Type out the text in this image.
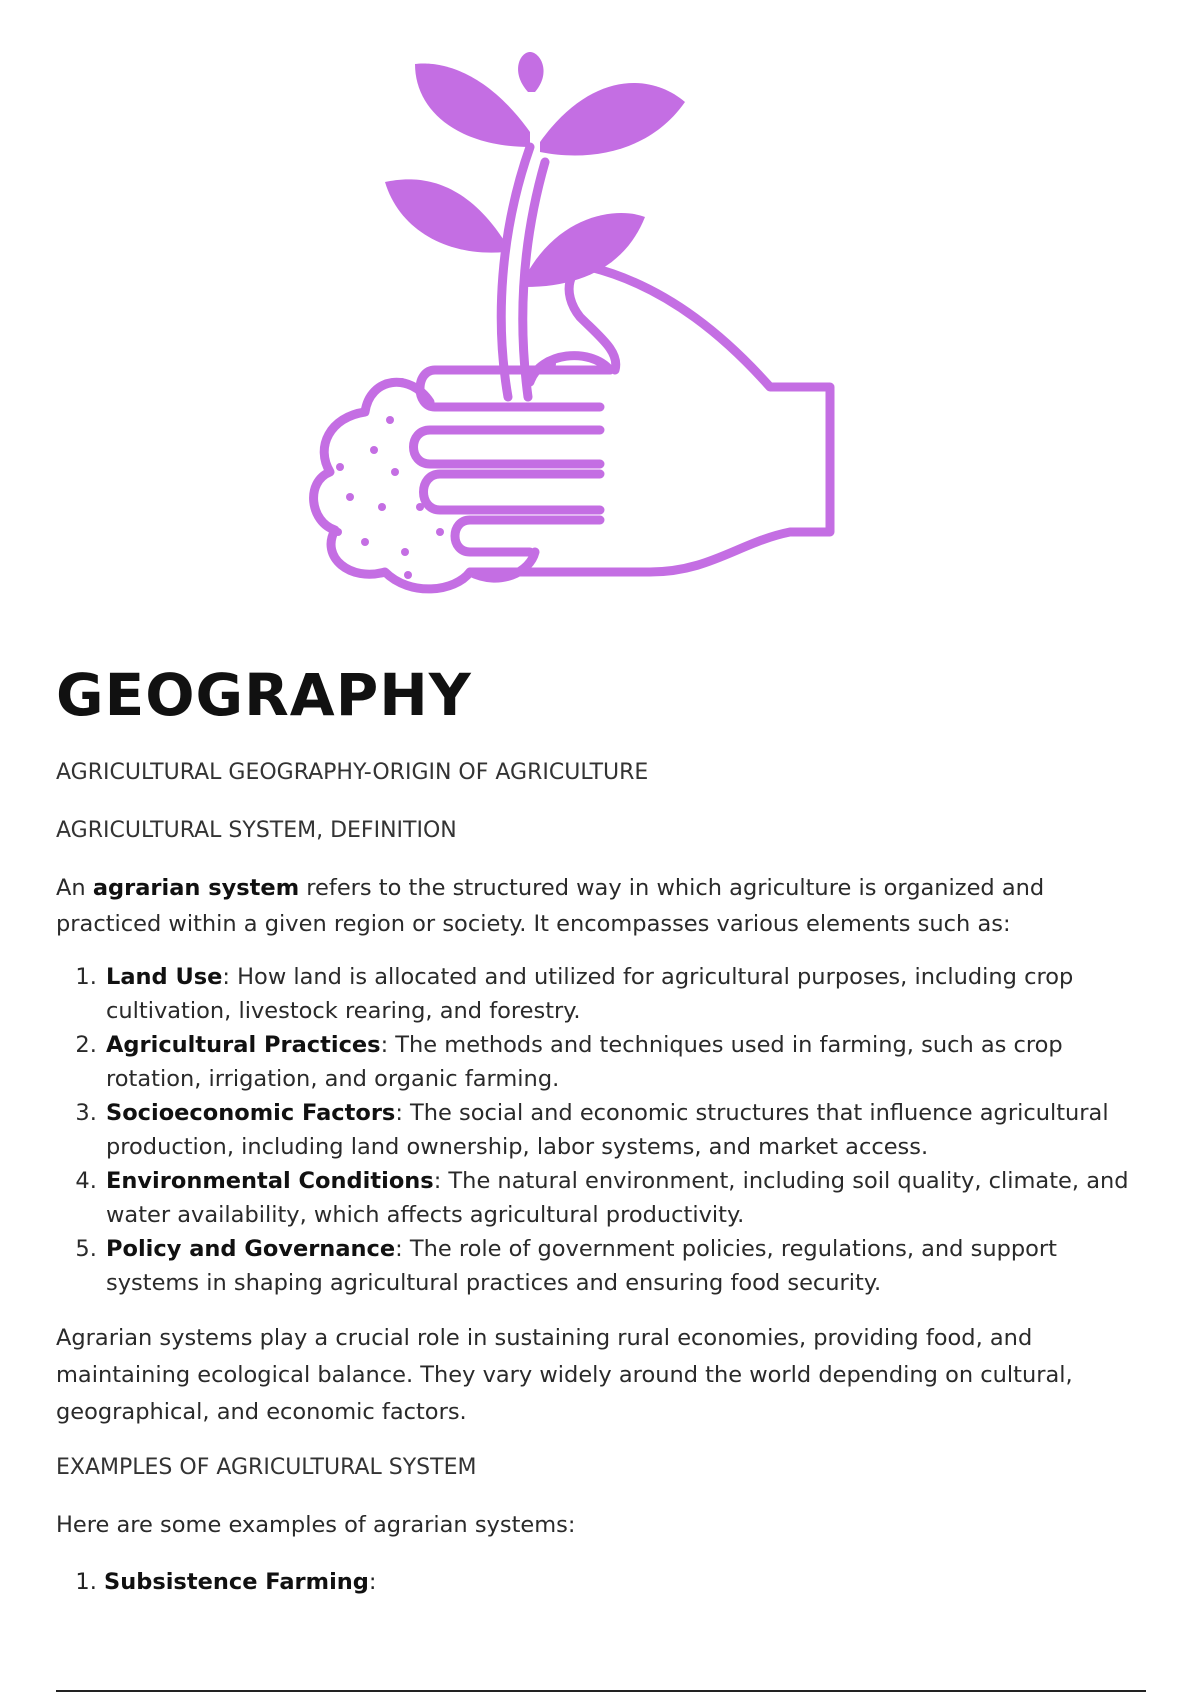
GEOGRAPHY

AGRICULTURAL GEOGRAPHY-ORIGIN OF AGRICULTURE

AGRICULTURAL SYSTEM, DEFINITION

An agrarian system refers to the structured way in which agriculture is organized and practiced within a given region or society. It encompasses various elements such as:

1. Land Use: How land is allocated and utilized for agricultural purposes, including crop cultivation, livestock rearing, and forestry.
2. Agricultural Practices: The methods and techniques used in farming, such as crop rotation, irrigation, and organic farming.
3. Socioeconomic Factors: The social and economic structures that influence agricultural production, including land ownership, labor systems, and market access.
4. Environmental Conditions: The natural environment, including soil quality, climate, and water availability, which affects agricultural productivity.
5. Policy and Governance: The role of government policies, regulations, and support systems in shaping agricultural practices and ensuring food security.

Agrarian systems play a crucial role in sustaining rural economies, providing food, and maintaining ecological balance. They vary widely around the world depending on cultural, geographical, and economic factors.

EXAMPLES OF AGRICULTURAL SYSTEM

Here are some examples of agrarian systems:

1. Subsistence Farming:
